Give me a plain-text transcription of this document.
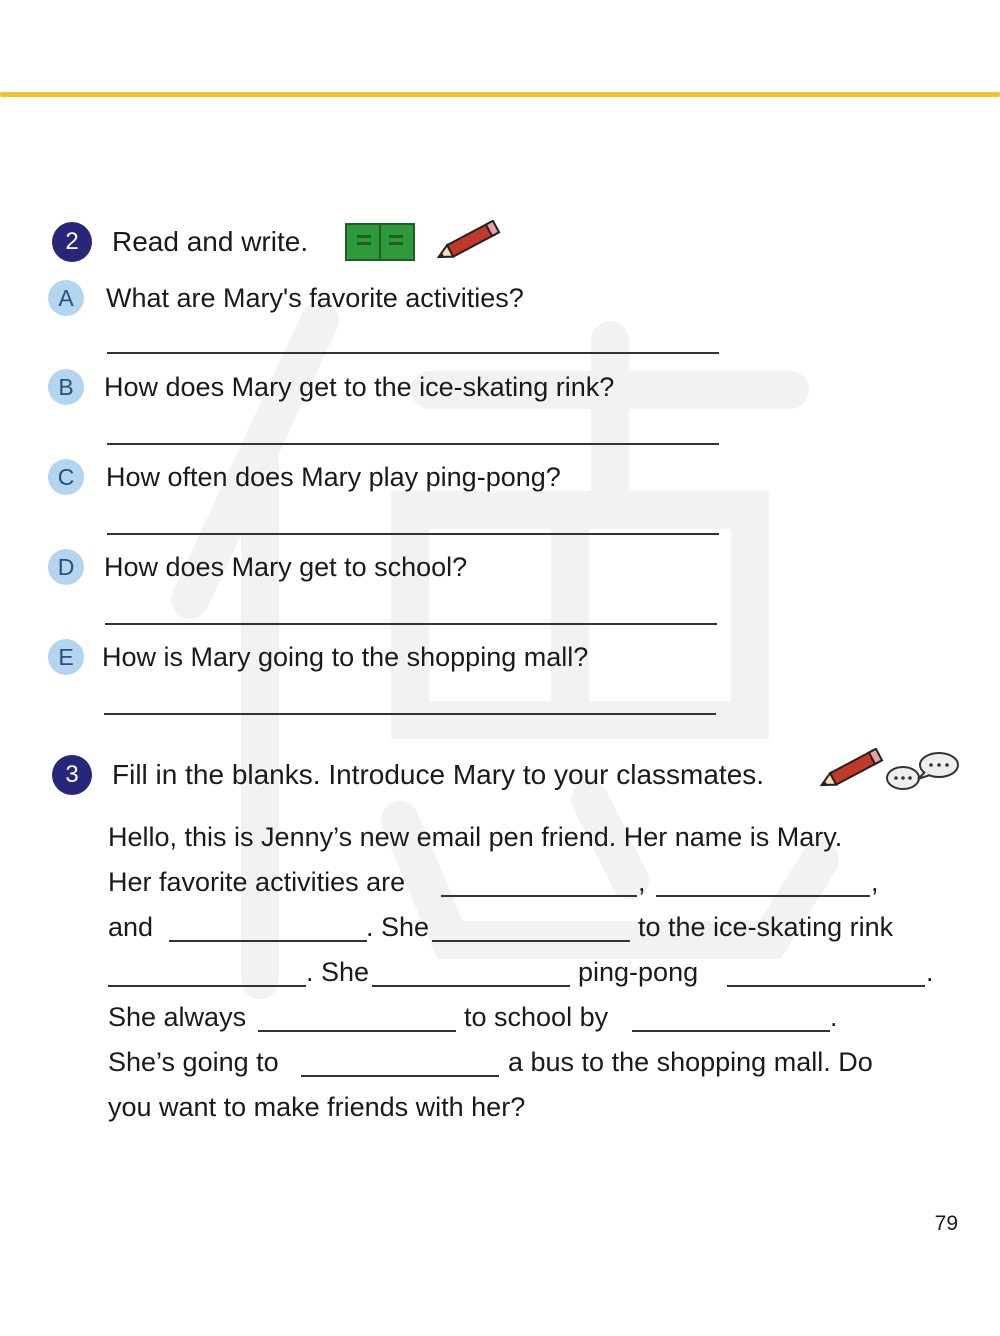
2	Read and write.
A	What are Mary's favorite activities?
B	How does Mary get to the ice-skating rink?
C	How often does Mary play ping-pong?
D	How does Mary get to school?
E	How is Mary going to the shopping mall?
3	Fill in the blanks. Introduce Mary to your classmates.
Hello, this is Jenny’s new email pen friend. Her name is Mary.
Her favorite activities are	,	,
and	. She	to the ice-skating rink
. She	ping-pong	.
She always	to school by	.
She’s going to	a bus to the shopping mall. Do
you want to make friends with her?
79
